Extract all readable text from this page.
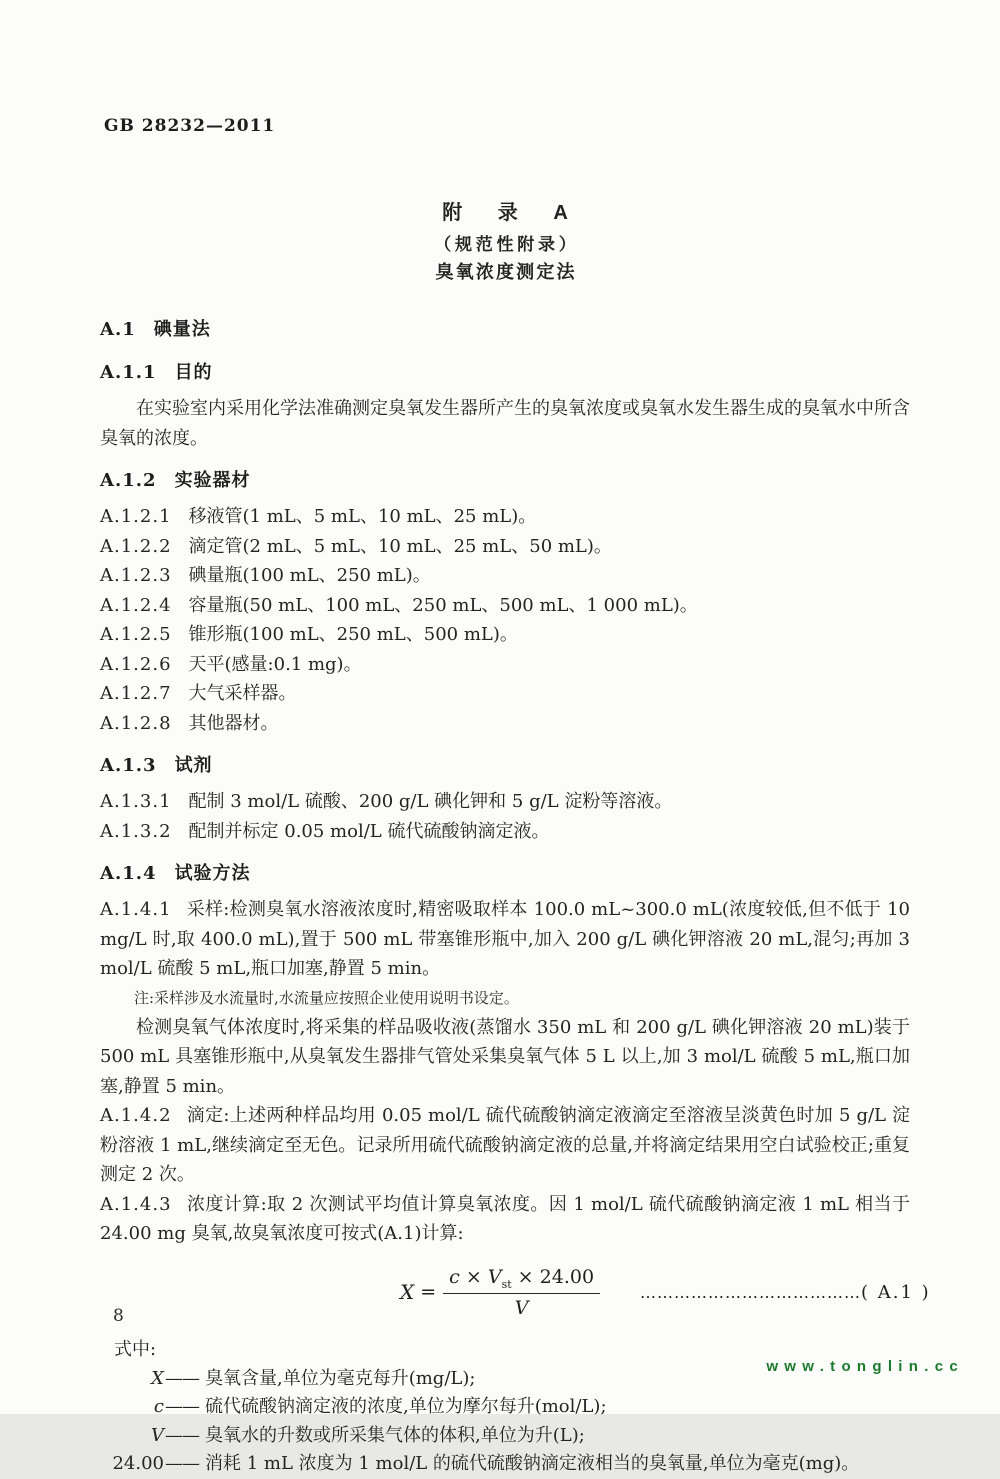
GB 28232—2011
附 录 A
（规范性附录）
臭氧浓度测定法

A.1 碘量法

A.1.1 目的

在实验室内采用化学法准确测定臭氧发生器所产生的臭氧浓度或臭氧水发生器生成的臭氧水中所含臭氧的浓度。

A.1.2 实验器材

A.1.2.1 移液管(1 mL、5 mL、10 mL、25 mL)。

A.1.2.2 滴定管(2 mL、5 mL、10 mL、25 mL、50 mL)。

A.1.2.3 碘量瓶(100 mL、250 mL)。

A.1.2.4 容量瓶(50 mL、100 mL、250 mL、500 mL、1 000 mL)。

A.1.2.5 锥形瓶(100 mL、250 mL、500 mL)。

A.1.2.6 天平(感量:0.1 mg)。

A.1.2.7 大气采样器。

A.1.2.8 其他器材。

A.1.3 试剂

A.1.3.1 配制 3 mol/L 硫酸、200 g/L 碘化钾和 5 g/L 淀粉等溶液。

A.1.3.2 配制并标定 0.05 mol/L 硫代硫酸钠滴定液。

A.1.4 试验方法

A.1.4.1 采样:检测臭氧水溶液浓度时,精密吸取样本 100.0 mL~300.0 mL(浓度较低,但不低于 10 mg/L 时,取 400.0 mL),置于 500 mL 带塞锥形瓶中,加入 200 g/L 碘化钾溶液 20 mL,混匀;再加 3 mol/L 硫酸 5 mL,瓶口加塞,静置 5 min。

注:采样涉及水流量时,水流量应按照企业使用说明书设定。

检测臭氧气体浓度时,将采集的样品吸收液(蒸馏水 350 mL 和 200 g/L 碘化钾溶液 20 mL)装于 500 mL 具塞锥形瓶中,从臭氧发生器排气管处采集臭氧气体 5 L 以上,加 3 mol/L 硫酸 5 mL,瓶口加塞,静置 5 min。

A.1.4.2 滴定:上述两种样品均用 0.05 mol/L 硫代硫酸钠滴定液滴定至溶液呈淡黄色时加 5 g/L 淀粉溶液 1 mL,继续滴定至无色。记录所用硫代硫酸钠滴定液的总量,并将滴定结果用空白试验校正;重复测定 2 次。

A.1.4.3 浓度计算:取 2 次测试平均值计算臭氧浓度。因 1 mol/L 硫代硫酸钠滴定液 1 mL 相当于 24.00 mg 臭氧,故臭氧浓度可按式(A.1)计算:

$X = \frac{c \times V_{st} \times 24.00}{V}$	………………………………… ( A.1 )

式中:

X —— 臭氧含量,单位为毫克每升(mg/L);
c —— 硫代硫酸钠滴定液的浓度,单位为摩尔每升(mol/L);
V —— 臭氧水的升数或所采集气体的体积,单位为升(L);
24.00 —— 消耗 1 mL 浓度为 1 mol/L 的硫代硫酸钠滴定液相当的臭氧量,单位为毫克(mg)。
8
www.tonglin.cc
